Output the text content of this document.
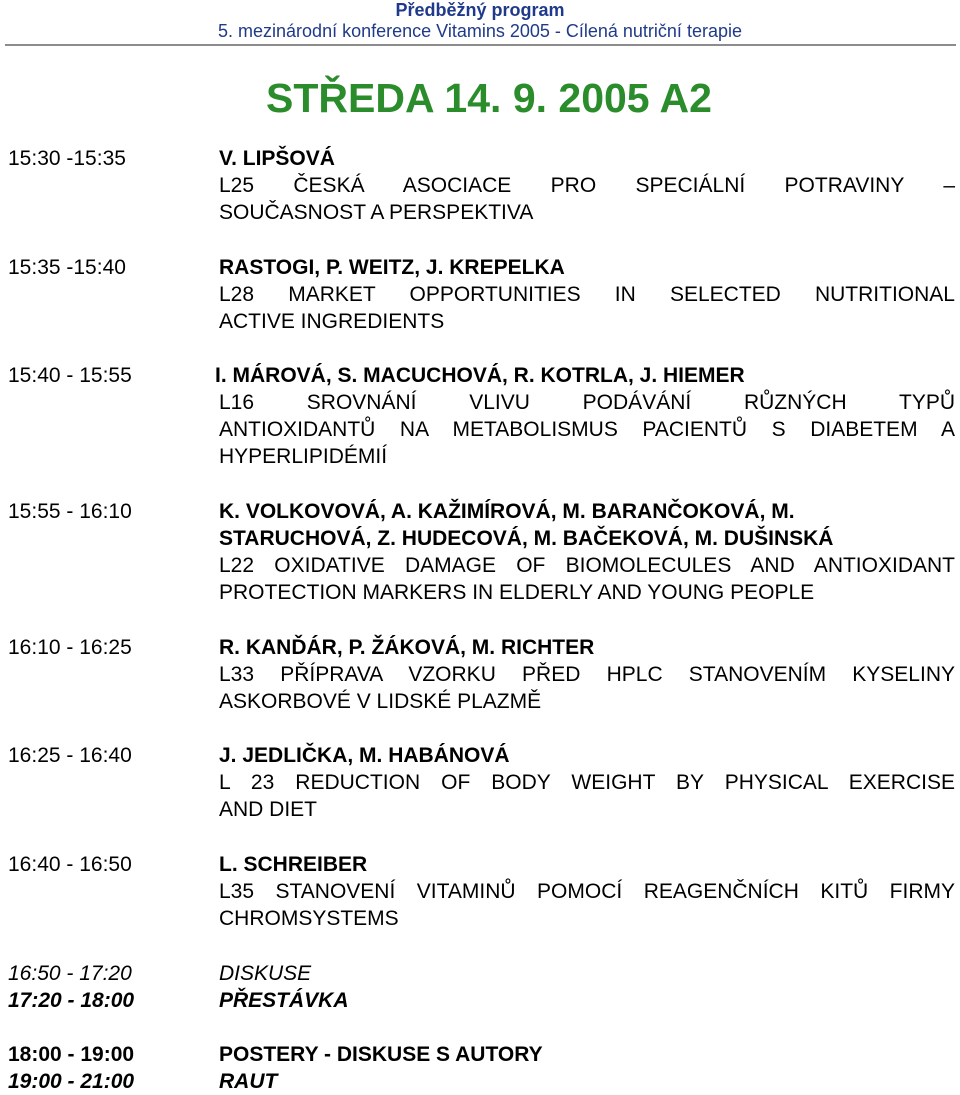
Předběžný program
5. mezinárodní konference Vitamins 2005 - Cílená nutriční terapie
STŘEDA 14. 9. 2005 A2
15:30 -15:35	V. LIPŠOVÁ
L25 ČESKÁ ASOCIACE PRO SPECIÁLNÍ POTRAVINY –
SOUČASNOST A PERSPEKTIVA
15:35 -15:40	RASTOGI, P. WEITZ, J. KREPELKA
L28 MARKET OPPORTUNITIES IN SELECTED NUTRITIONAL
ACTIVE INGREDIENTS
15:40 - 15:55	I. MÁROVÁ, S. MACUCHOVÁ, R. KOTRLA, J. HIEMER
L16 SROVNÁNÍ VLIVU PODÁVÁNÍ RŮZNÝCH TYPŮ
ANTIOXIDANTŮ NA METABOLISMUS PACIENTŮ S DIABETEM A
HYPERLIPIDÉMIÍ
15:55 - 16:10	K. VOLKOVOVÁ, A. KAŽIMÍROVÁ, M. BARANČOKOVÁ, M.
STARUCHOVÁ, Z. HUDECOVÁ, M. BAČEKOVÁ, M. DUŠINSKÁ
L22 OXIDATIVE DAMAGE OF BIOMOLECULES AND ANTIOXIDANT
PROTECTION MARKERS IN ELDERLY AND YOUNG PEOPLE
16:10 - 16:25	R. KANĎÁR, P. ŽÁKOVÁ, M. RICHTER
L33 PŘÍPRAVA VZORKU PŘED HPLC STANOVENÍM KYSELINY
ASKORBOVÉ V LIDSKÉ PLAZMĚ
16:25 - 16:40	J. JEDLIČKA, M. HABÁNOVÁ
L 23 REDUCTION OF BODY WEIGHT BY PHYSICAL EXERCISE
AND DIET
16:40 - 16:50	L. SCHREIBER
L35 STANOVENÍ VITAMINŮ POMOCÍ REAGENČNÍCH KITŮ FIRMY
CHROMSYSTEMS
16:50 - 17:20	DISKUSE
17:20 - 18:00	PŘESTÁVKA
18:00 - 19:00	POSTERY - DISKUSE S AUTORY
19:00 - 21:00	RAUT
